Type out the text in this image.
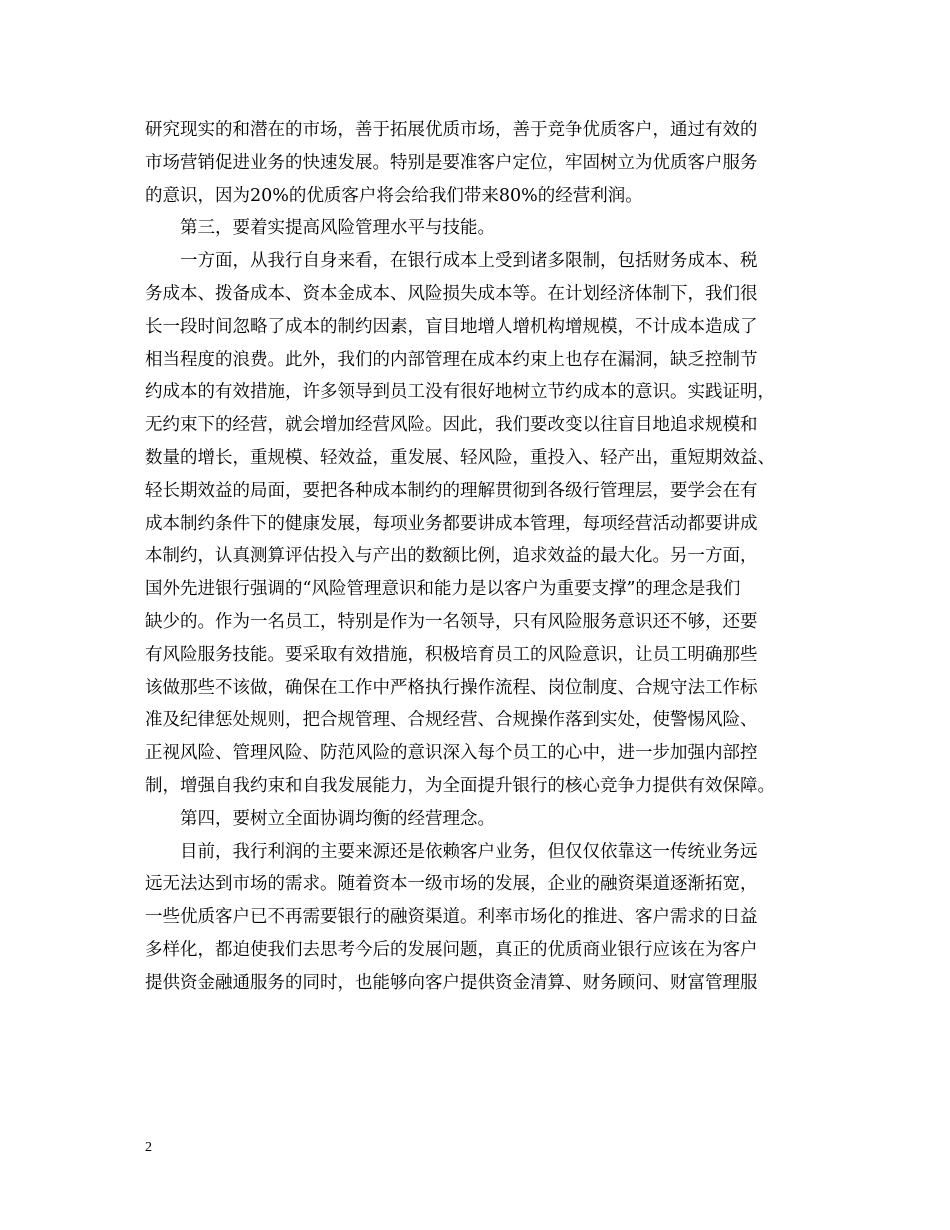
研究现实的和潜在的市场，善于拓展优质市场，善于竞争优质客户，通过有效的
市场营销促进业务的快速发展。特别是要准客户定位，牢固树立为优质客户服务
的意识，因为20%的优质客户将会给我们带来80%的经营利润。
第三，要着实提高风险管理水平与技能。
一方面，从我行自身来看，在银行成本上受到诸多限制，包括财务成本、税
务成本、拨备成本、资本金成本、风险损失成本等。在计划经济体制下，我们很
长一段时间忽略了成本的制约因素，盲目地增人增机构增规模，不计成本造成了
相当程度的浪费。此外，我们的内部管理在成本约束上也存在漏洞，缺乏控制节
约成本的有效措施，许多领导到员工没有很好地树立节约成本的意识。实践证明，
无约束下的经营，就会增加经营风险。因此，我们要改变以往盲目地追求规模和
数量的增长，重规模、轻效益，重发展、轻风险，重投入、轻产出，重短期效益、
轻长期效益的局面，要把各种成本制约的理解贯彻到各级行管理层，要学会在有
成本制约条件下的健康发展，每项业务都要讲成本管理，每项经营活动都要讲成
本制约，认真测算评估投入与产出的数额比例，追求效益的最大化。另一方面，
国外先进银行强调的“风险管理意识和能力是以客户为重要支撑”的理念是我们
缺少的。作为一名员工，特别是作为一名领导，只有风险服务意识还不够，还要
有风险服务技能。要采取有效措施，积极培育员工的风险意识，让员工明确那些
该做那些不该做，确保在工作中严格执行操作流程、岗位制度、合规守法工作标
准及纪律惩处规则，把合规管理、合规经营、合规操作落到实处，使警惕风险、
正视风险、管理风险、防范风险的意识深入每个员工的心中，进一步加强内部控
制，增强自我约束和自我发展能力，为全面提升银行的核心竞争力提供有效保障。
第四，要树立全面协调均衡的经营理念。
目前，我行利润的主要来源还是依赖客户业务，但仅仅依靠这一传统业务远
远无法达到市场的需求。随着资本一级市场的发展，企业的融资渠道逐渐拓宽，
一些优质客户已不再需要银行的融资渠道。利率市场化的推进、客户需求的日益
多样化，都迫使我们去思考今后的发展问题，真正的优质商业银行应该在为客户
提供资金融通服务的同时，也能够向客户提供资金清算、财务顾问、财富管理服
2
